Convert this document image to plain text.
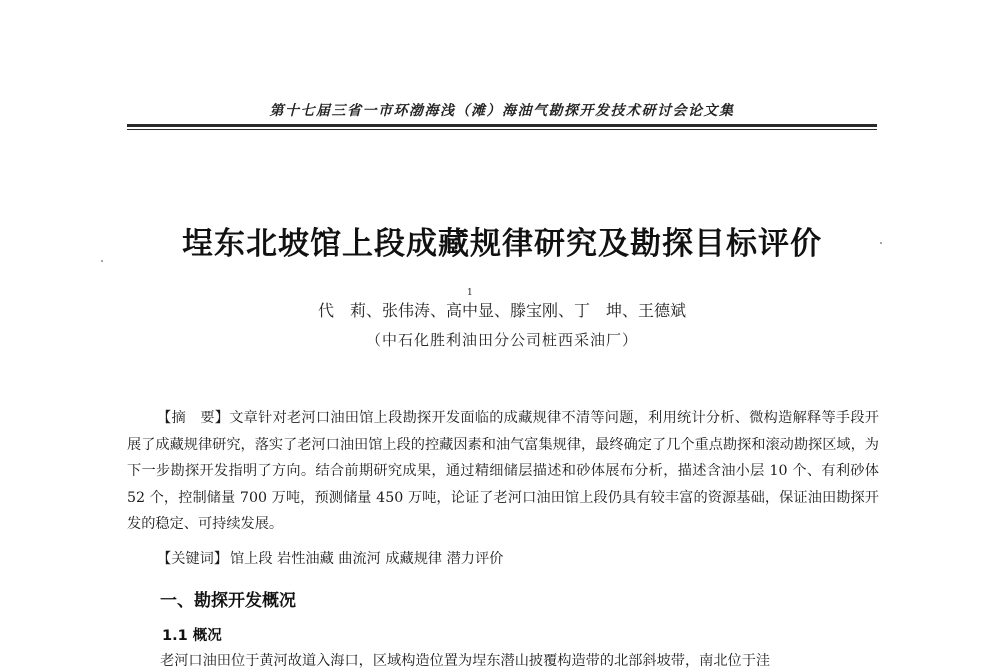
第十七届三省一市环渤海浅（滩）海油气勘探开发技术研讨会论文集
埕东北坡馆上段成藏规律研究及勘探目标评价
1
代　莉、张伟涛、高中显、滕宝刚、丁　坤、王德斌
（中石化胜利油田分公司桩西采油厂）

【摘　要】文章针对老河口油田馆上段勘探开发面临的成藏规律不清等问题，利用统计分析、微构造解释等手段开展了成藏规律研究，落实了老河口油田馆上段的控藏因素和油气富集规律，最终确定了几个重点勘探和滚动勘探区域，为下一步勘探开发指明了方向。结合前期研究成果，通过精细储层描述和砂体展布分析，描述含油小层 10 个、有利砂体 52 个，控制储量 700 万吨，预测储量 450 万吨，论证了老河口油田馆上段仍具有较丰富的资源基础，保证油田勘探开发的稳定、可持续发展。

【关键词】 馆上段 岩性油藏 曲流河 成藏规律 潜力评价
一、勘探开发概况
1.1 概况
老河口油田位于黄河故道入海口，区域构造位置为埕东潜山披覆构造带的北部斜坡带，南北位于洼
